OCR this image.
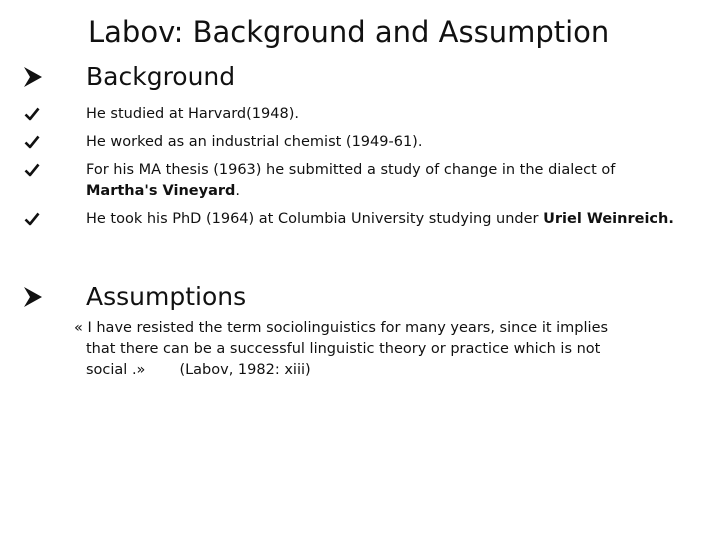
Labov: Background and Assumption
Background
He studied at Harvard(1948).
He worked as an industrial chemist (1949-61).
For his MA thesis (1963) he submitted a study of change in the dialect of Martha's Vineyard.
He took his PhD (1964) at Columbia University studying under Uriel Weinreich.
Assumptions
« I have resisted the term sociolinguistics for many years, since it implies
that there can be a successful linguistic theory or practice which is not
social .» (Labov, 1982: xiii)
